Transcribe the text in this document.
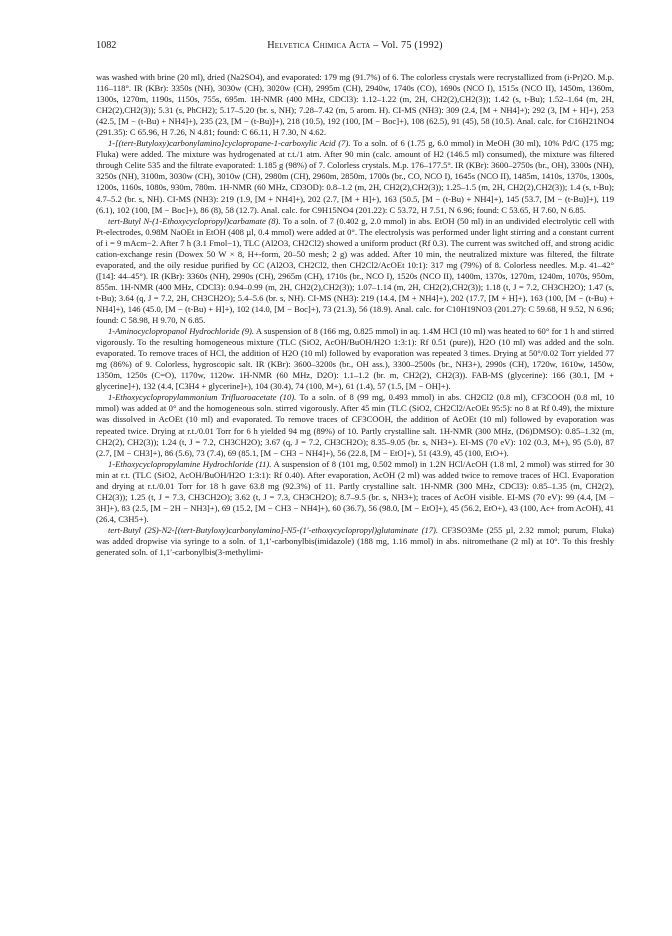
1082	Helvetica Chimica Acta – Vol. 75 (1992)

was washed with brine (20 ml), dried (Na2SO4), and evaporated: 179 mg (91.7%) of 6. The colorless crystals were recrystallized from (i-Pr)2O. M.p. 116–118°. IR (KBr): 3350s (NH), 3030w (CH), 3020w (CH), 2995m (CH), 2940w, 1740s (CO), 1690s (NCO I), 1515s (NCO II), 1450m, 1360m, 1300s, 1270m, 1190s, 1150s, 755s, 695m. 1H-NMR (400 MHz, CDCl3): 1.12–1.22 (m, 2H, CH2(2),CH2(3)); 1.42 (s, t-Bu); 1.52–1.64 (m, 2H, CH2(2),CH2(3)); 5.31 (s, PhCH2); 5.17–5.20 (br. s, NH); 7.28–7.42 (m, 5 arom. H). CI-MS (NH3): 309 (2.4, [M + NH4]+); 292 (3, [M + H]+), 253 (42.5, [M − (t-Bu) + NH4]+), 235 (23, [M − (t-Bu)]+), 218 (10.5), 192 (100, [M − Boc]+), 108 (62.5), 91 (45), 58 (10.5). Anal. calc. for C16H21NO4 (291.35): C 65.96, H 7.26, N 4.81; found: C 66.11, H 7.30, N 4.62.

1-[(tert-Butyloxy)carbonylamino]cyclopropane-1-carboxylic Acid (7). To a soln. of 6 (1.75 g, 6.0 mmol) in MeOH (30 ml), 10% Pd/C (175 mg; Fluka) were added. The mixture was hydrogenated at r.t./1 atm. After 90 min (calc. amount of H2 (146.5 ml) consumed), the mixture was filtered through Celite 535 and the filtrate evaporated: 1.185 g (98%) of 7. Colorless crystals. M.p. 176–177.5°. IR (KBr): 3600–2750s (br., OH), 3300s (NH), 3250s (NH), 3100m, 3030w (CH), 3010w (CH), 2980m (CH), 2960m, 2850m, 1700s (br., CO, NCO I), 1645s (NCO II), 1485m, 1410s, 1370s, 1300s, 1200s, 1160s, 1080s, 930m, 780m. 1H-NMR (60 MHz, CD3OD): 0.8–1.2 (m, 2H, CH2(2),CH2(3)); 1.25–1.5 (m, 2H, CH2(2),CH2(3)); 1.4 (s, t-Bu); 4.7–5.2 (br. s, NH). CI-MS (NH3): 219 (1.9, [M + NH4]+), 202 (2.7, [M + H]+), 163 (50.5, [M − (t-Bu) + NH4]+), 145 (53.7, [M − (t-Bu)]+), 119 (6.1), 102 (100, [M − Boc]+), 86 (8), 58 (12.7). Anal. calc. for C9H15NO4 (201.22): C 53.72, H 7.51, N 6.96; found: C 53.65, H 7.60, N 6.85.

tert-Butyl N-(1-Ethoxycyclopropyl)carbamate (8). To a soln. of 7 (0.402 g, 2.0 mmol) in abs. EtOH (50 ml) in an undivided electrolytic cell with Pt-electrodes, 0.98M NaOEt in EtOH (408 µl, 0.4 mmol) were added at 0°. The electrolysis was performed under light stirring and a constant current of i = 9 mAcm−2. After 7 h (3.1 Fmol−1), TLC (Al2O3, CH2Cl2) showed a uniform product (Rf 0.3). The current was switched off, and strong acidic cation-exchange resin (Dowex 50 W × 8, H+-form, 20–50 mesh; 2 g) was added. After 10 min, the neutralized mixture was filtered, the filtrate evaporated, and the oily residue purified by CC (Al2O3, CH2Cl2, then CH2Cl2/AcOEt 10:1): 317 mg (79%) of 8. Colorless needles. M.p. 41–42° ([14]: 44–45°). IR (KBr): 3360s (NH), 2990s (CH), 2965m (CH), 1710s (br., NCO I), 1520s (NCO II), 1400m, 1370s, 1270m, 1240m, 1070s, 950m, 855m. 1H-NMR (400 MHz, CDCl3): 0.94–0.99 (m, 2H, CH2(2),CH2(3)); 1.07–1.14 (m, 2H, CH2(2),CH2(3)); 1.18 (t, J = 7.2, CH3CH2O); 1.47 (s, t-Bu); 3.64 (q, J = 7.2, 2H, CH3CH2O); 5.4–5.6 (br. s, NH). CI-MS (NH3): 219 (14.4, [M + NH4]+), 202 (17.7, [M + H]+), 163 (100, [M − (t-Bu) + NH4]+), 146 (45.0, [M − (t-Bu) + H]+), 102 (14.0, [M − Boc]+), 73 (21.3), 56 (18.9). Anal. calc. for C10H19NO3 (201.27): C 59.68, H 9.52, N 6.96; found: C 58.98, H 9.70, N 6.85.

1-Aminocyclopropanol Hydrochloride (9). A suspension of 8 (166 mg, 0.825 mmol) in aq. 1.4M HCl (10 ml) was heated to 60° for 1 h and stirred vigorously. To the resulting homogeneous mixture (TLC (SiO2, AcOH/BuOH/H2O 1:3:1): Rf 0.51 (pure)), H2O (10 ml) was added and the soln. evaporated. To remove traces of HCl, the addition of H2O (10 ml) followed by evaporation was repeated 3 times. Drying at 50°/0.02 Torr yielded 77 mg (86%) of 9. Colorless, hygroscopic salt. IR (KBr): 3600–3200s (br., OH ass.), 3300–2500s (br., NH3+), 2990s (CH), 1720w, 1610w, 1450w, 1350m, 1250s (C=O), 1170w, 1120w. 1H-NMR (60 MHz, D2O): 1.1–1.2 (br. m, CH2(2), CH2(3)). FAB-MS (glycerine): 166 (30.1, [M + glycerine]+), 132 (4.4, [C3H4 + glycerine]+), 104 (30.4), 74 (100, M+), 61 (1.4), 57 (1.5, [M − OH]+).

1-Ethoxycyclopropylammonium Trifluoroacetate (10). To a soln. of 8 (99 mg, 0.493 mmol) in abs. CH2Cl2 (0.8 ml), CF3COOH (0.8 ml, 10 mmol) was added at 0° and the homogeneous soln. stirred vigorously. After 45 min (TLC (SiO2, CH2Cl2/AcOEt 95:5): no 8 at Rf 0.49), the mixture was dissolved in AcOEt (10 ml) and evaporated. To remove traces of CF3COOH, the addition of AcOEt (10 ml) followed by evaporation was repeated twice. Drying at r.t./0.01 Torr for 6 h yielded 94 mg (89%) of 10. Partly crystalline salt. 1H-NMR (300 MHz, (D6)DMSO): 0.85–1.32 (m, CH2(2), CH2(3)); 1.24 (t, J = 7.2, CH3CH2O); 3.67 (q, J = 7.2, CH3CH2O); 8.35–9.05 (br. s, NH3+). EI-MS (70 eV): 102 (0.3, M+), 95 (5.0), 87 (2.7, [M − CH3]+), 86 (5.6), 73 (7.4), 69 (85.1, [M − CH3 − NH4]+), 56 (22.8, [M − EtO]+), 51 (43.9), 45 (100, EtO+).

1-Ethoxycyclopropylamine Hydrochloride (11). A suspension of 8 (101 mg, 0.502 mmol) in 1.2N HCl/AcOH (1.8 ml, 2 mmol) was stirred for 30 min at r.t. (TLC (SiO2, AcOH/BuOH/H2O 1:3:1): Rf 0.40). After evaporation, AcOH (2 ml) was added twice to remove traces of HCl. Evaporation and drying at r.t./0.01 Torr for 18 h gave 63.8 mg (92.3%) of 11. Partly crystalline salt. 1H-NMR (300 MHz, CDCl3): 0.85–1.35 (m, CH2(2), CH2(3)); 1.25 (t, J = 7.3, CH3CH2O); 3.62 (t, J = 7.3, CH3CH2O); 8.7–9.5 (br. s, NH3+); traces of AcOH visible. EI-MS (70 eV): 99 (4.4, [M − 3H]+), 83 (2.5, [M − 2H − NH3]+), 69 (15.2, [M − CH3 − NH4]+), 60 (36.7), 56 (98.0, [M − EtO]+), 45 (56.2, EtO+), 43 (100, Ac+ from AcOH), 41 (26.4, C3H5+).

tert-Butyl (2S)-N2-[(tert-Butyloxy)carbonylamino]-N5-(1′-ethoxycyclopropyl)glutaminate (17). CF3SO3Me (255 µl, 2.32 mmol; purum, Fluka) was added dropwise via syringe to a soln. of 1,1′-carbonylbis(imidazole) (188 mg, 1.16 mmol) in abs. nitromethane (2 ml) at 10°. To this freshly generated soln. of 1,1′-carbonylbis(3-methylimi-
